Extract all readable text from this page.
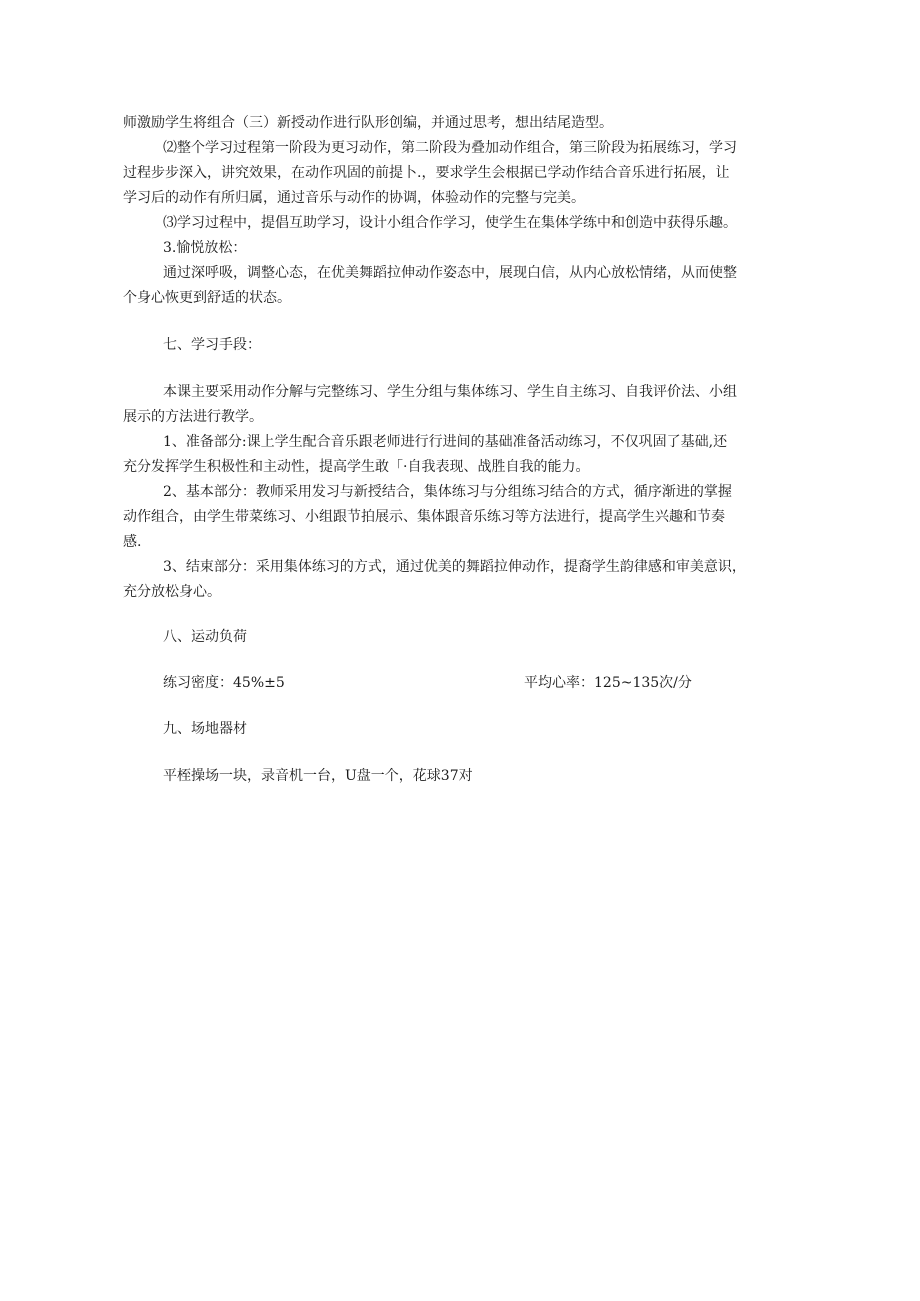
师激励学生将组合（三）新授动作进行队形创编，并通过思考，想出结尾造型。
⑵整个学习过程第一阶段为更习动作，第二阶段为叠加动作组合，第三阶段为拓展练习，学习
过程步步深入，讲究效果，在动作巩固的前提卜.，要求学生会根据已学动作结合音乐进行拓展，让
学习后的动作有所归属，通过音乐与动作的协调，体验动作的完整与完美。
⑶学习过程中，提倡互助学习，设计小组合作学习，使学生在集体学练中和创造中获得乐趣。
3.愉悦放松：
通过深呼吸，调整心态，在优美舞蹈拉伸动作姿态中，展现白信，从内心放松情绪，从而使整
个身心恢更到舒适的状态。
七、学习手段：
本课主要采用动作分解与完整练习、学生分组与集体练习、学生自主练习、自我评价法、小组
展示的方法进行教学。
1、准备部分:课上学生配合音乐跟老师进行行进间的基础准备活动练习，不仅巩固了基础,还
充分发挥学生积极性和主动性，提高学生敢「·自我表现、战胜自我的能力。
2、基本部分：教师采用发习与新授结合，集体练习与分组练习结合的方式，循序渐进的掌握
动作组合，由学生带菜练习、小组跟节拍展示、集体跟音乐练习等方法进行，提高学生兴趣和节奏
感.
3、结束部分：采用集体练习的方式，通过优美的舞蹈拉伸动作，提裔学生韵律感和审美意识，
充分放松身心。
八、运动负荷
练习密度：45%±5	平均心率：125~135次/分
九、场地器材
平桎操场一块，录音机一台，U盘一个，花球37对
